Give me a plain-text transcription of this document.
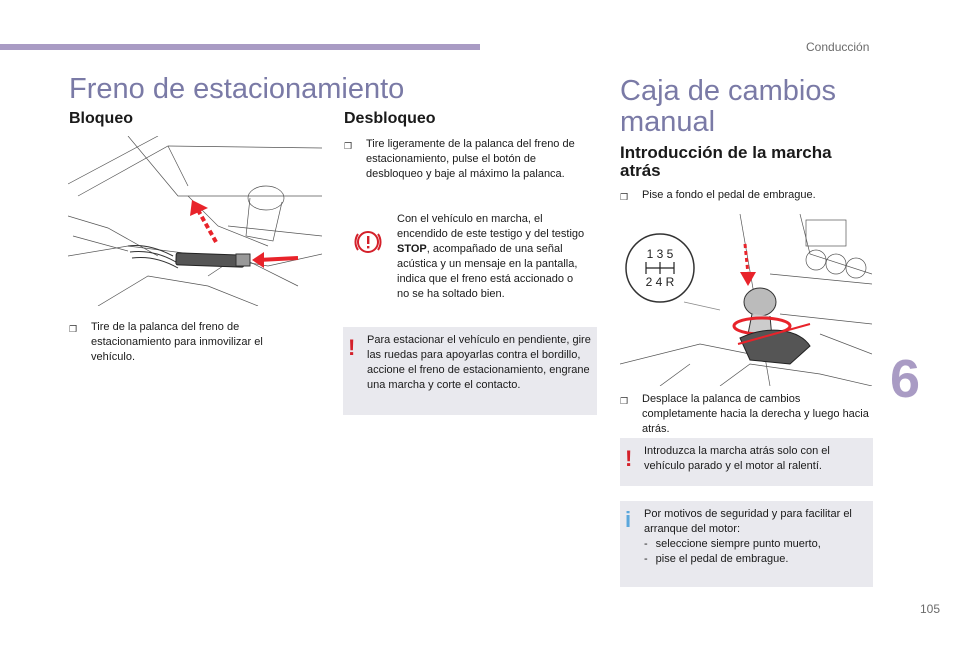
Conducción
Freno de estacionamiento
Bloqueo
❒	Tire de la palanca del freno de estacionamiento para inmovilizar el vehículo.
Desbloqueo
❒	Tire ligeramente de la palanca del freno de estacionamiento, pulse el botón de desbloqueo y baje al máximo la palanca.
Con el vehículo en marcha, el encendido de este testigo y del testigo STOP, acompañado de una señal acústica y un mensaje en la pantalla, indica que el freno está accionado o no se ha soltado bien.
! Para estacionar el vehículo en pendiente, gire las ruedas para apoyarlas contra el bordillo, accione el freno de estacionamiento, engrane una marcha y corte el contacto.
Caja de cambios
manual
Introducción de la marcha
atrás
❒	Pise a fondo el pedal de embrague.
1 3 5
2 4 R
❒	Desplace la palanca de cambios completamente hacia la derecha y luego hacia atrás.
! Introduzca la marcha atrás solo con el vehículo parado y el motor al ralentí.
i Por motivos de seguridad y para facilitar el arranque del motor:
- seleccione siempre punto muerto,
- pise el pedal de embrague.
6
105
